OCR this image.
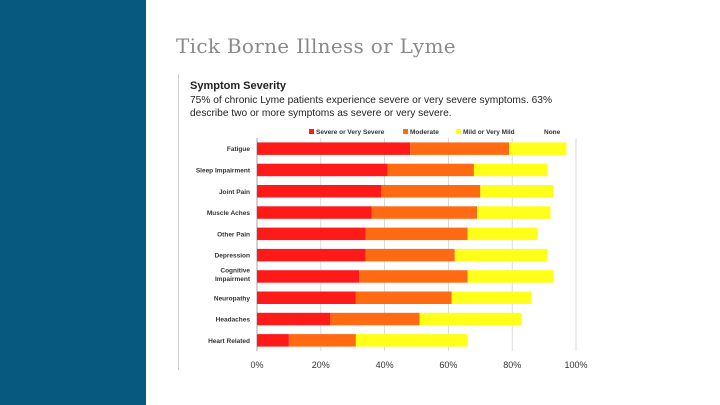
Tick Borne Illness or Lyme
Symptom Severity
75% of chronic Lyme patients experience severe or very severe symptoms. 63% describe two or more symptoms as severe or very severe.
0%	20%	40%	60%	80%	100%
Severe or Very Severe	Moderate	Mild or Very Mild	None
Fatigue
Sleep Impairment
Joint Pain
Muscle Aches
Other Pain
Depression
Cognitive
Impairment
Neuropathy
Headaches
Heart Related
